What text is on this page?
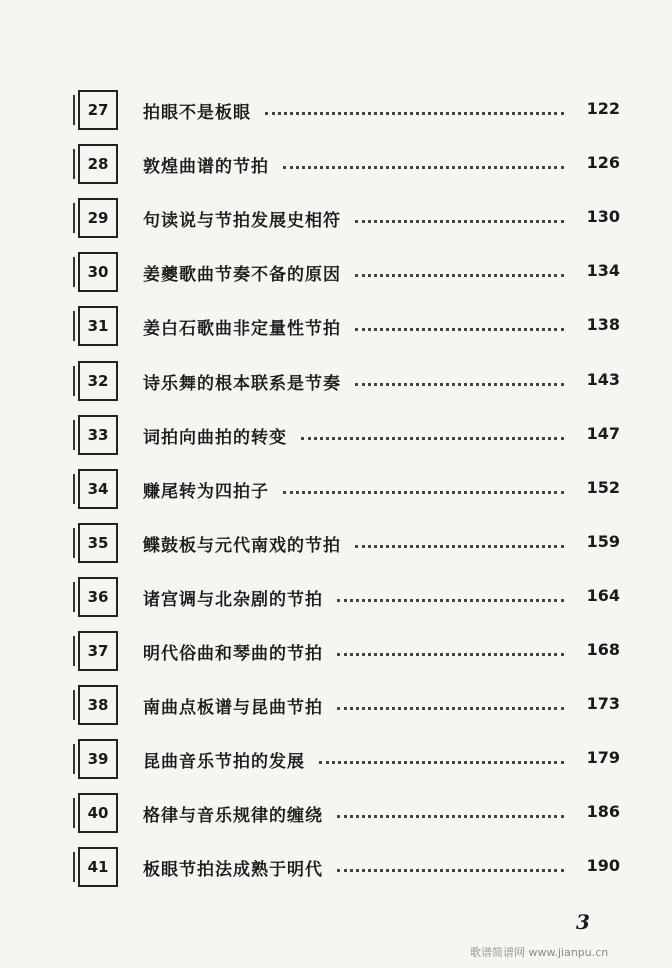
27	拍眼不是板眼	122
28	敦煌曲谱的节拍	126
29	句读说与节拍发展史相符	130
30	姜夔歌曲节奏不备的原因	134
31	姜白石歌曲非定量性节拍	138
32	诗乐舞的根本联系是节奏	143
33	词拍向曲拍的转变	147
34	赚尾转为四拍子	152
35	鲽鼓板与元代南戏的节拍	159
36	诸宫调与北杂剧的节拍	164
37	明代俗曲和琴曲的节拍	168
38	南曲点板谱与昆曲节拍	173
39	昆曲音乐节拍的发展	179
40	格律与音乐规律的缠绕	186
41	板眼节拍法成熟于明代	190
3
歌谱简谱网 www.jianpu.cn
